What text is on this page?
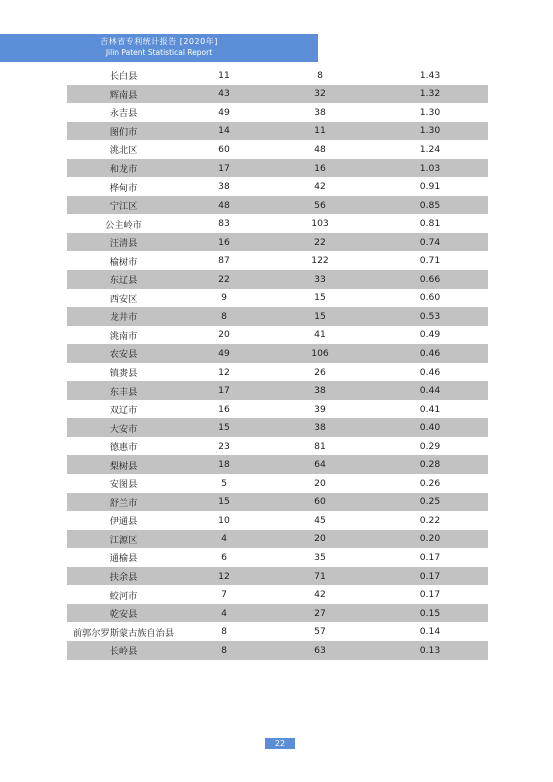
吉林省专利统计报告 [2020年]
Jilin Patent Statistical Report
长白县	11	8	1.43
辉南县	43	32	1.32
永吉县	49	38	1.30
图们市	14	11	1.30
洮北区	60	48	1.24
和龙市	17	16	1.03
桦甸市	38	42	0.91
宁江区	48	56	0.85
公主岭市	83	103	0.81
汪清县	16	22	0.74
榆树市	87	122	0.71
东辽县	22	33	0.66
西安区	9	15	0.60
龙井市	8	15	0.53
洮南市	20	41	0.49
农安县	49	106	0.46
镇赉县	12	26	0.46
东丰县	17	38	0.44
双辽市	16	39	0.41
大安市	15	38	0.40
德惠市	23	81	0.29
梨树县	18	64	0.28
安图县	5	20	0.26
舒兰市	15	60	0.25
伊通县	10	45	0.22
江源区	4	20	0.20
通榆县	6	35	0.17
扶余县	12	71	0.17
蛟河市	7	42	0.17
乾安县	4	27	0.15
前郭尔罗斯蒙古族自治县	8	57	0.14
长岭县	8	63	0.13
22
